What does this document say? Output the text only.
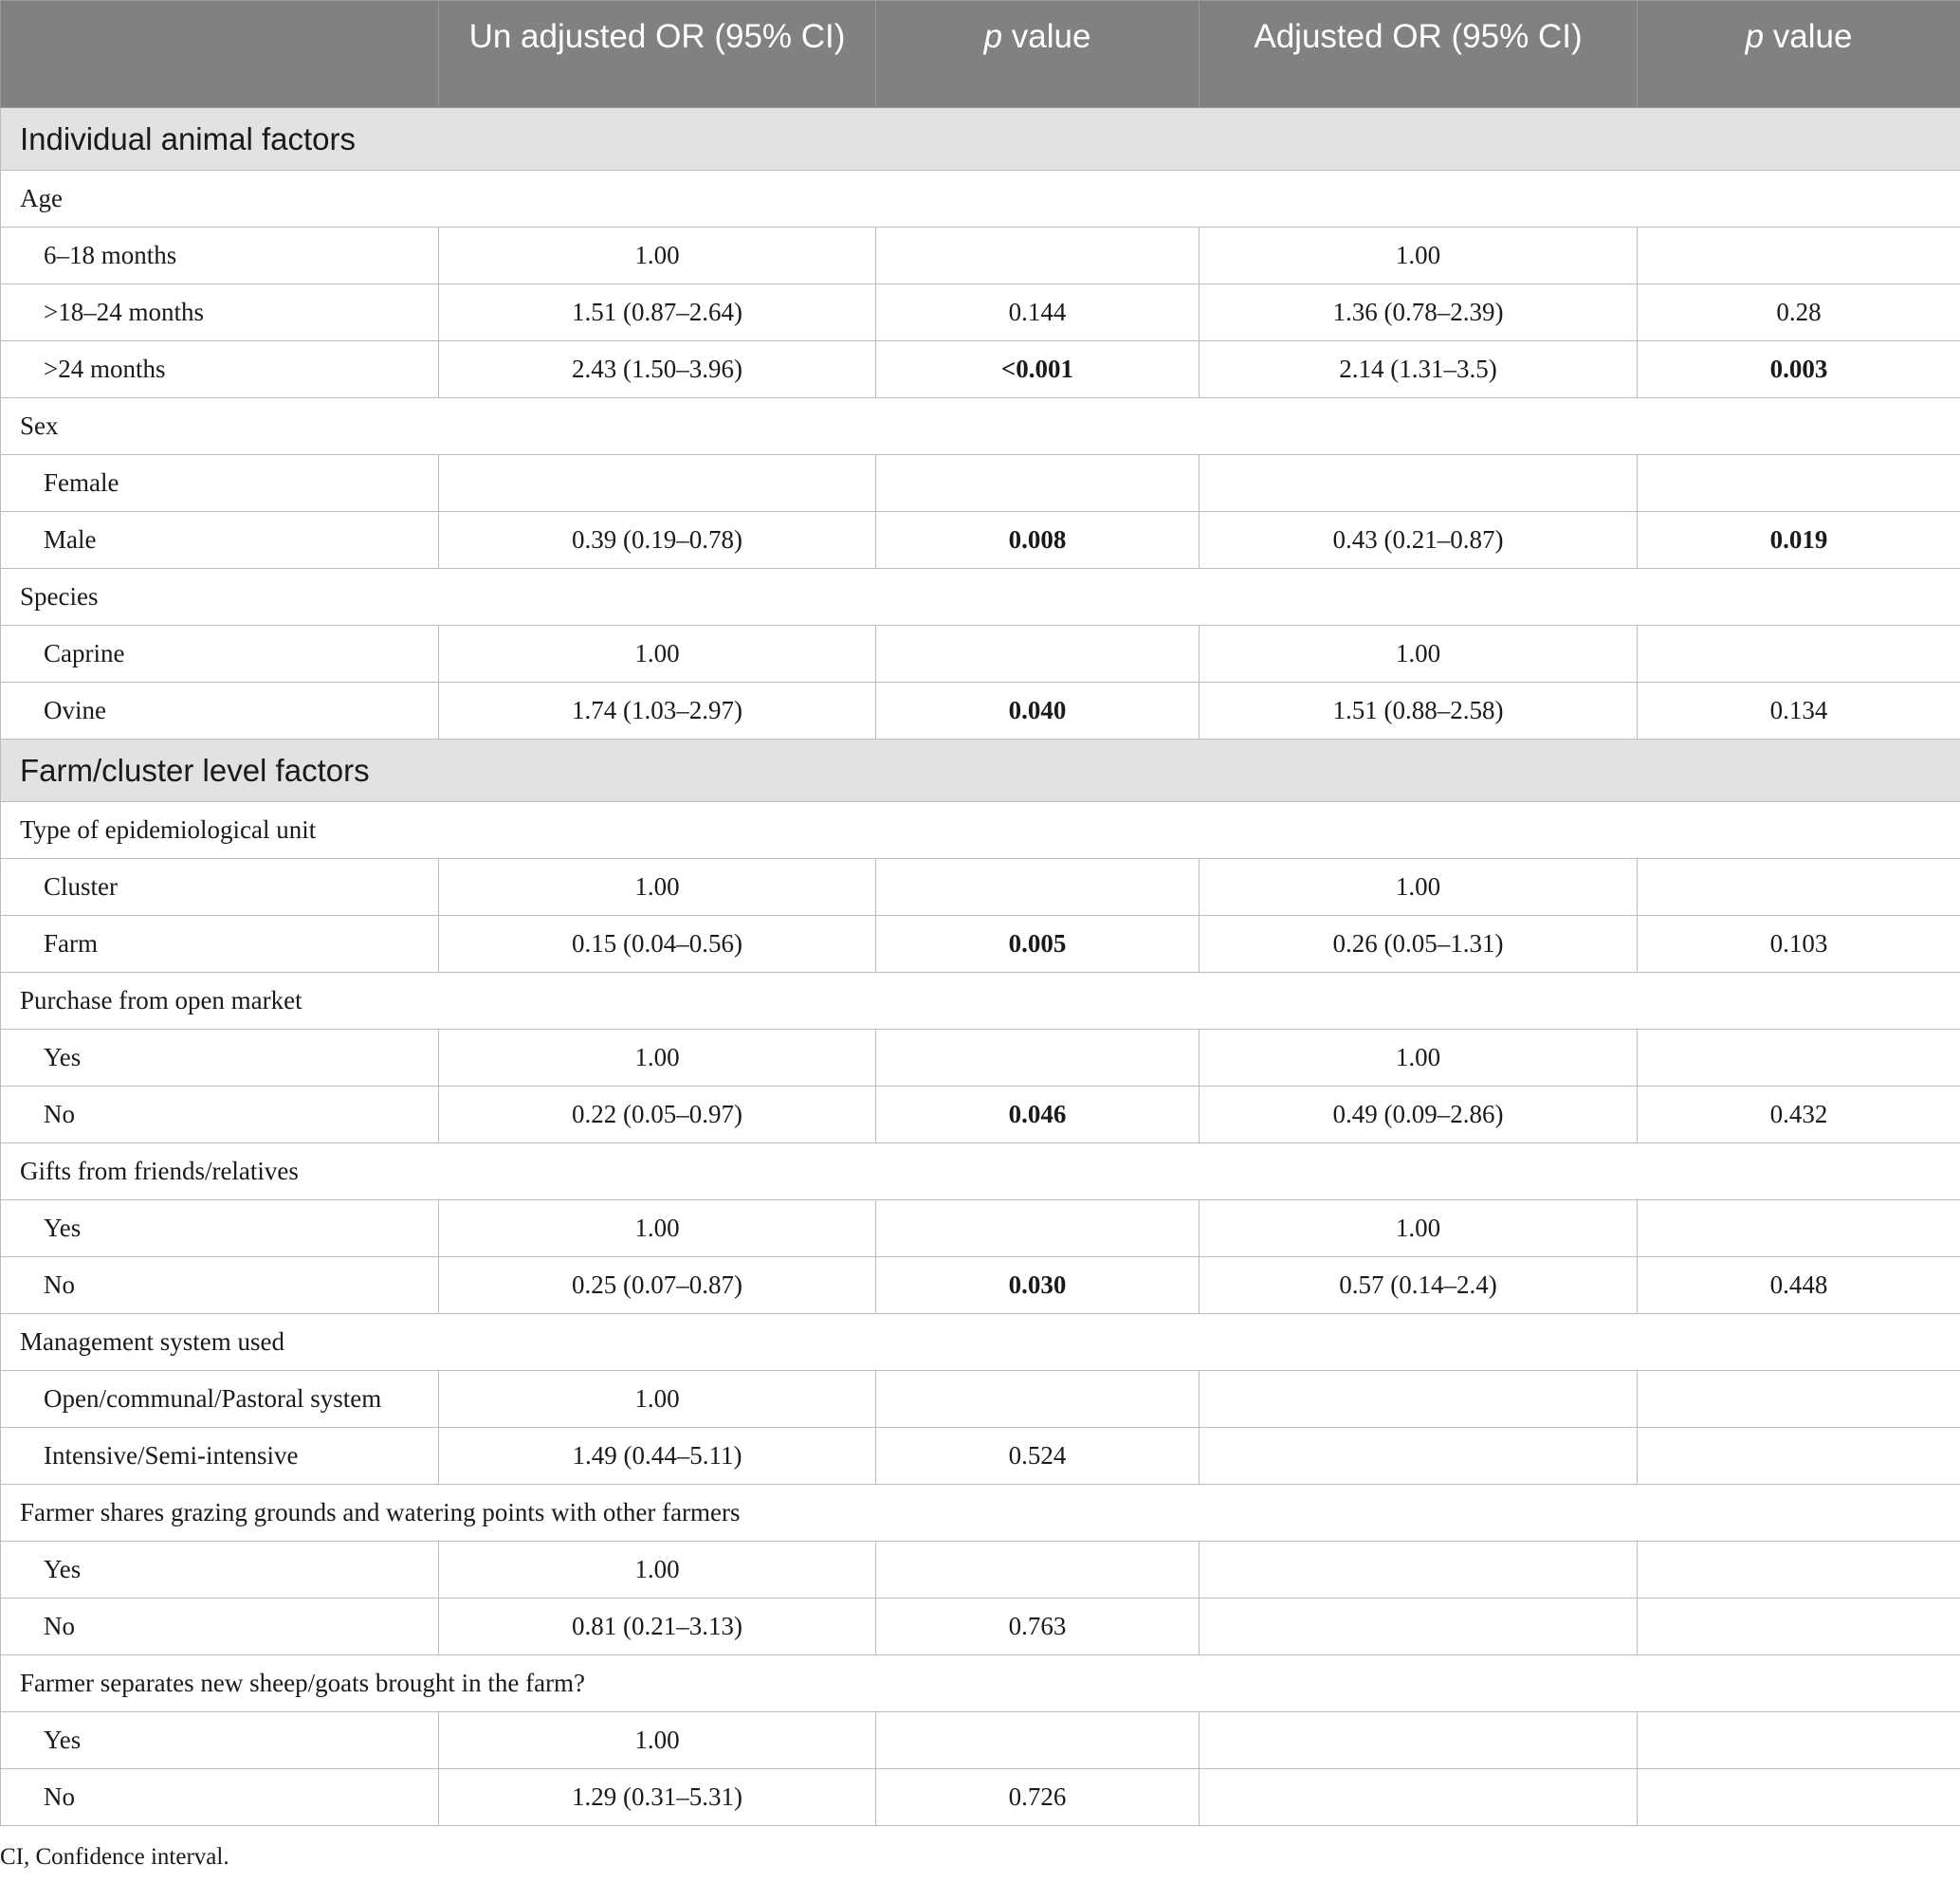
	Un adjusted OR (95% CI)	p value	Adjusted OR (95% CI)	p value
Individual animal factors				
Age				
6–18 months	1.00		1.00	
>18–24 months	1.51 (0.87–2.64)	0.144	1.36 (0.78–2.39)	0.28
>24 months	2.43 (1.50–3.96)	<0.001	2.14 (1.31–3.5)	0.003
Sex				
Female				
Male	0.39 (0.19–0.78)	0.008	0.43 (0.21–0.87)	0.019
Species				
Caprine	1.00		1.00	
Ovine	1.74 (1.03–2.97)	0.040	1.51 (0.88–2.58)	0.134
Farm/cluster level factors				
Type of epidemiological unit				
Cluster	1.00		1.00	
Farm	0.15 (0.04–0.56)	0.005	0.26 (0.05–1.31)	0.103
Purchase from open market				
Yes	1.00		1.00	
No	0.22 (0.05–0.97)	0.046	0.49 (0.09–2.86)	0.432
Gifts from friends/relatives				
Yes	1.00		1.00	
No	0.25 (0.07–0.87)	0.030	0.57 (0.14–2.4)	0.448
Management system used				
Open/communal/Pastoral system	1.00			
Intensive/Semi-intensive	1.49 (0.44–5.11)	0.524		
Farmer shares grazing grounds and watering points with other farmers				
Yes	1.00			
No	0.81 (0.21–3.13)	0.763		
Farmer separates new sheep/goats brought in the farm?				
Yes	1.00			
No	1.29 (0.31–5.31)	0.726		
CI, Confidence interval.
